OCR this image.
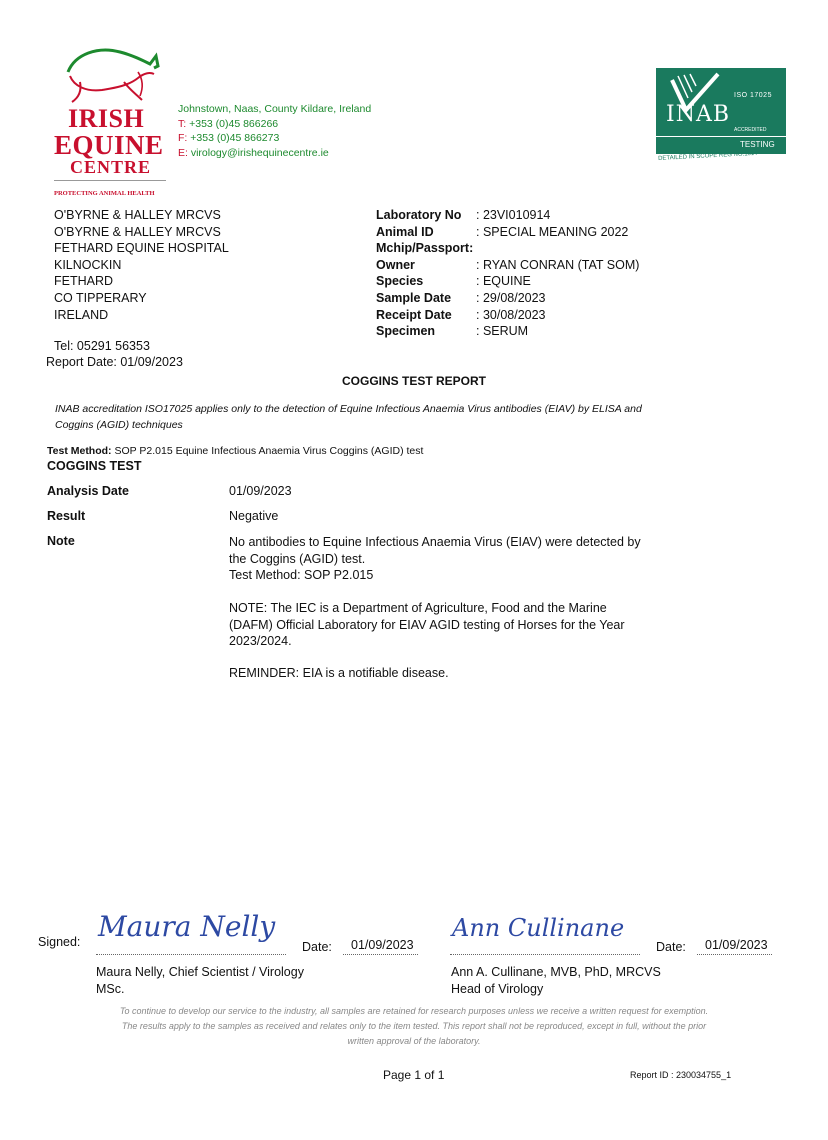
IRISH
EQUINE
CENTRE
PROTECTING ANIMAL HEALTH
Johnstown, Naas, County Kildare, Ireland
T: +353 (0)45 866266
F: +353 (0)45 866273
E: virology@irishequinecentre.ie
ISO 17025
INAB
ACCREDITED
TESTING
DETAILED IN SCOPE REG NO.151T
O'BYRNE & HALLEY MRCVS
O'BYRNE & HALLEY MRCVS
FETHARD EQUINE HOSPITAL
KILNOCKIN
FETHARD
CO TIPPERARY
IRELAND
Tel: 05291 56353
Report Date: 01/09/2023
Laboratory No : 23VI010914
Animal ID	: SPECIAL MEANING 2022
Mchip/Passport:
Owner	: RYAN CONRAN (TAT SOM)
Species	: EQUINE
Sample Date : 29/08/2023
Receipt Date : 30/08/2023
Specimen	: SERUM
COGGINS TEST REPORT
INAB accreditation ISO17025 applies only to the detection of Equine Infectious Anaemia Virus antibodies (EIAV) by ELISA and
Coggins (AGID) techniques
Test Method: SOP P2.015 Equine Infectious Anaemia Virus Coggins (AGID) test
COGGINS TEST
Analysis Date	01/09/2023
Result	Negative
Note	No antibodies to Equine Infectious Anaemia Virus (EIAV) were detected by
the Coggins (AGID) test.
Test Method: SOP P2.015
NOTE: The IEC is a Department of Agriculture, Food and the Marine
(DAFM) Official Laboratory for EIAV AGID testing of Horses for the Year
2023/2024.
REMINDER: EIA is a notifiable disease.
Signed: Maura Nelly
Date:	01/09/2023
Maura Nelly, Chief Scientist / Virology
MSc.
Ann Cullinane
Date:	01/09/2023
Ann A. Cullinane, MVB, PhD, MRCVS
Head of Virology
To continue to develop our service to the industry, all samples are retained for research purposes unless we receive a written request for exemption.
The results apply to the samples as received and relates only to the item tested. This report shall not be reproduced, except in full, without the prior
written approval of the laboratory.
Page 1 of 1	Report ID : 230034755_1
